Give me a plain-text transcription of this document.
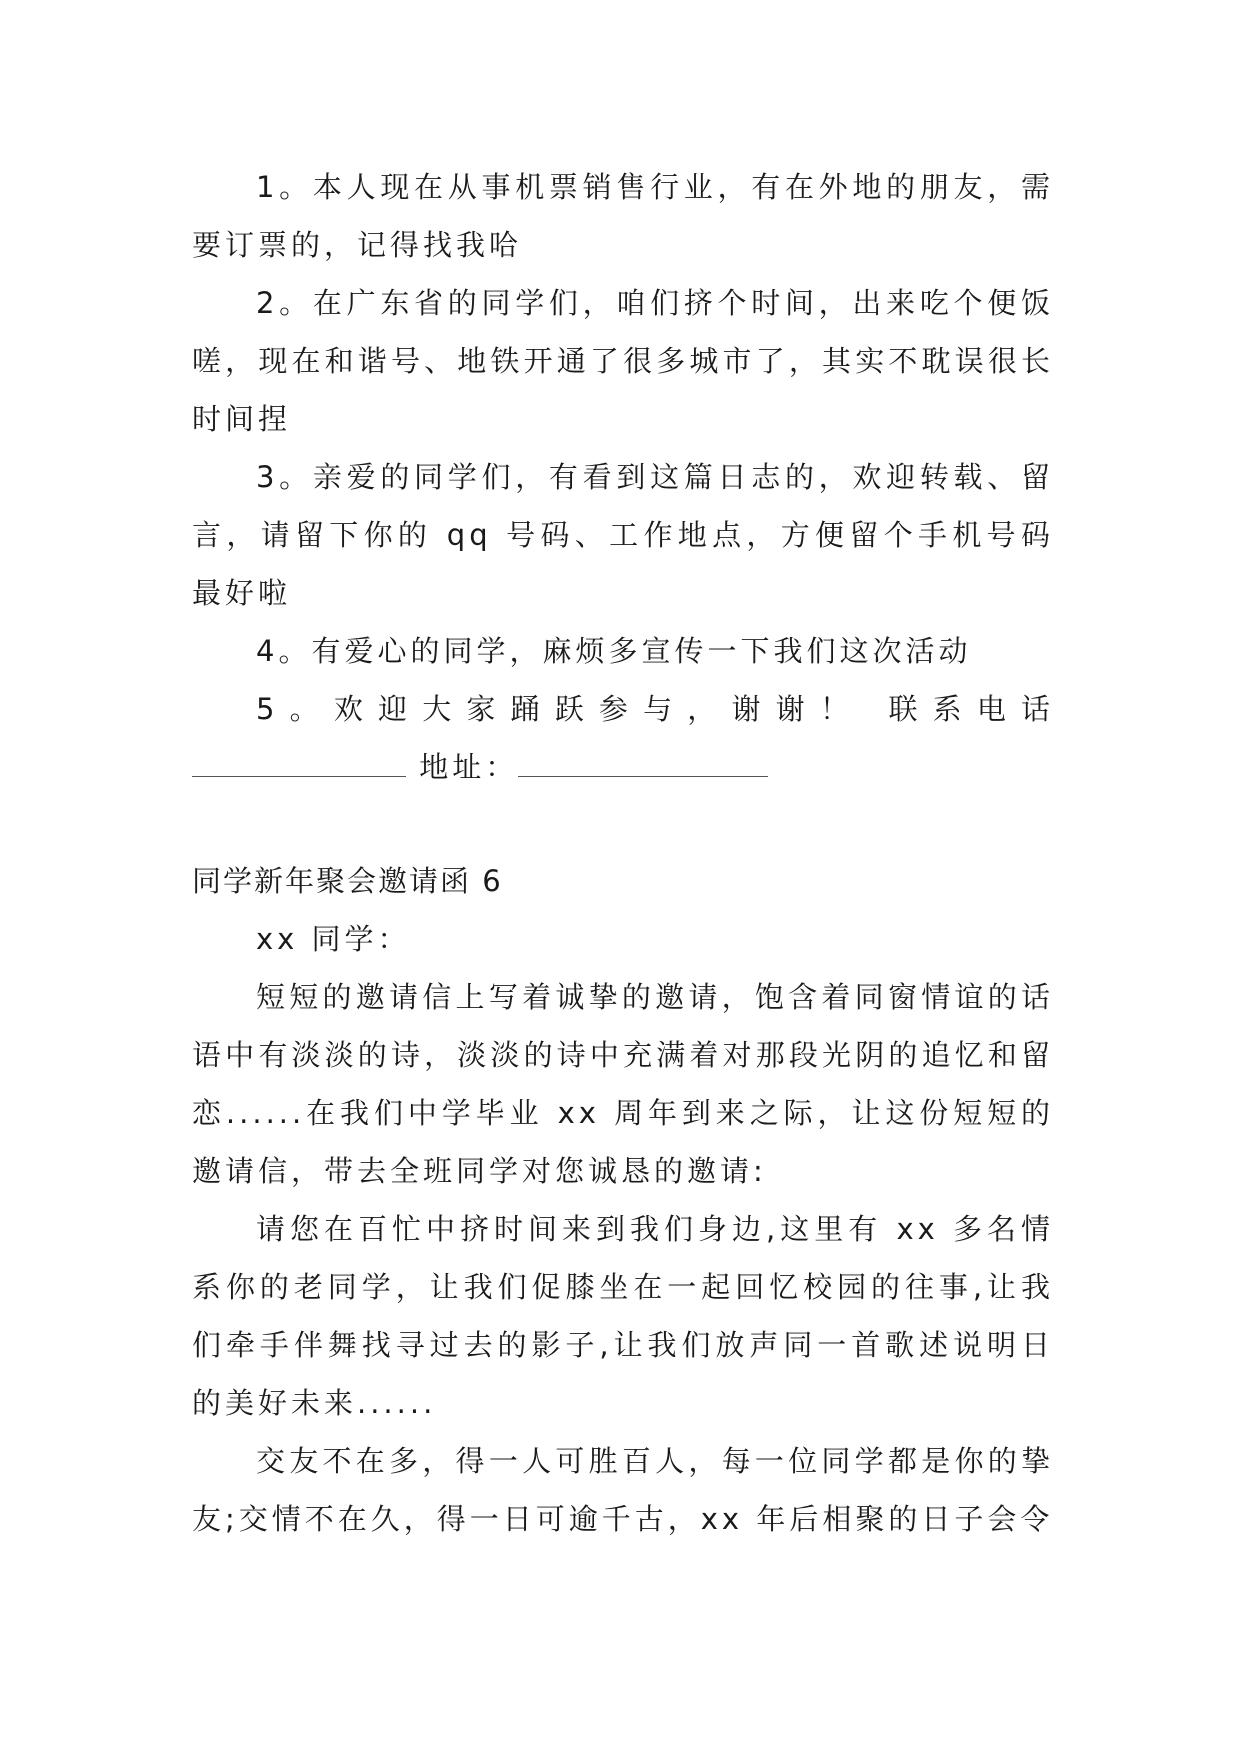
1。本人现在从事机票销售行业，有在外地的朋友，需要订票的，记得找我哈

2。在广东省的同学们，咱们挤个时间，出来吃个便饭嗟，现在和谐号、地铁开通了很多城市了，其实不耽误很长时间捏

3。亲爱的同学们，有看到这篇日志的，欢迎转载、留言，请留下你的 qq 号码、工作地点，方便留个手机号码最好啦

4。有爱心的同学，麻烦多宣传一下我们这次活动

5。欢迎大家踊跃参与，谢谢！ 联系电话 地址：

同学新年聚会邀请函 6

xx 同学：

短短的邀请信上写着诚挚的邀请，饱含着同窗情谊的话语中有淡淡的诗，淡淡的诗中充满着对那段光阴的追忆和留恋......在我们中学毕业 xx 周年到来之际，让这份短短的邀请信，带去全班同学对您诚恳的邀请:

请您在百忙中挤时间来到我们身边,这里有 xx 多名情系你的老同学，让我们促膝坐在一起回忆校园的往事,让我们牵手伴舞找寻过去的影子,让我们放声同一首歌述说明日的美好未来......

交友不在多，得一人可胜百人，每一位同学都是你的挚友;交情不在久，得一日可逾千古，xx 年后相聚的日子会令
